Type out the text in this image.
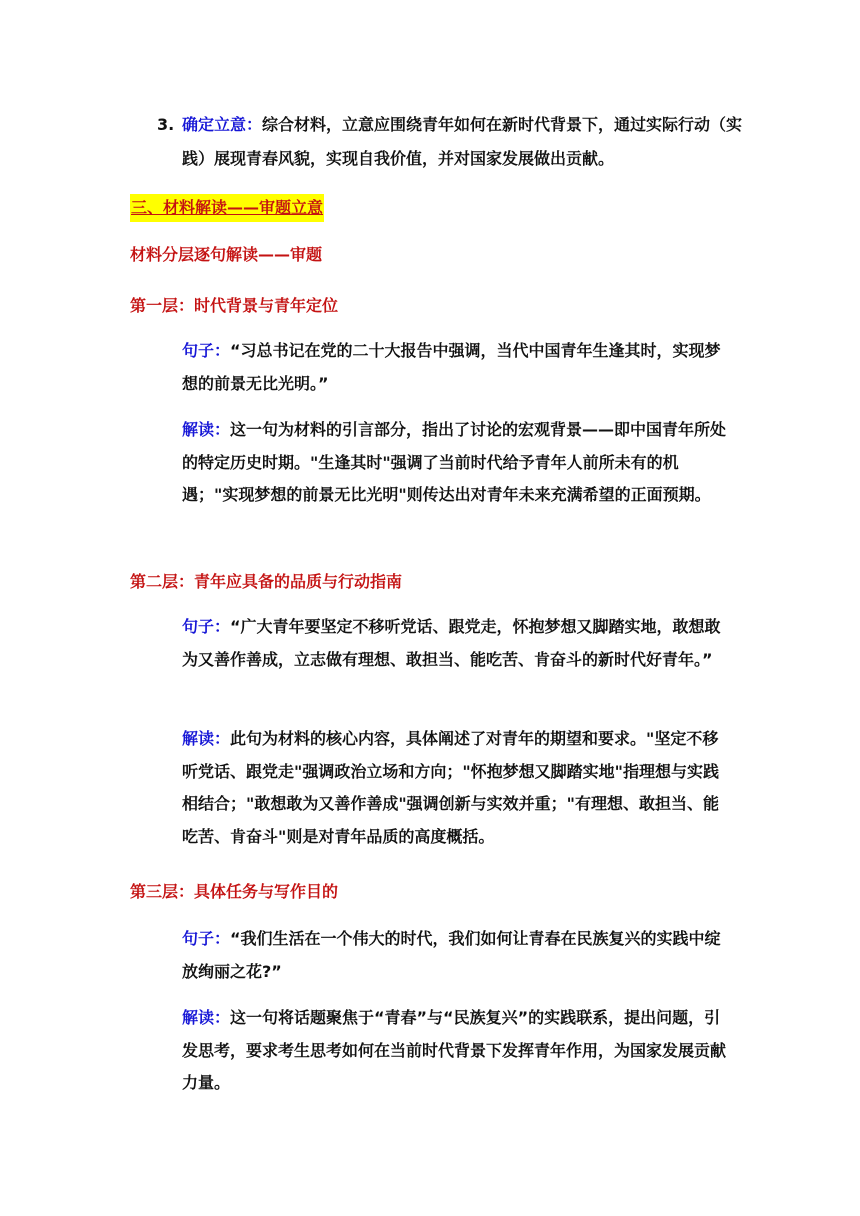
3. 确定立意：综合材料，立意应围绕青年如何在新时代背景下，通过实际行动（实践）展现青春风貌，实现自我价值，并对国家发展做出贡献。
三、材料解读——审题立意
材料分层逐句解读——审题
第一层：时代背景与青年定位
句子：“习总书记在党的二十大报告中强调，当代中国青年生逢其时，实现梦想的前景无比光明。”
解读：这一句为材料的引言部分，指出了讨论的宏观背景——即中国青年所处的特定历史时期。"生逢其时"强调了当前时代给予青年人前所未有的机遇；"实现梦想的前景无比光明"则传达出对青年未来充满希望的正面预期。
第二层：青年应具备的品质与行动指南
句子：“广大青年要坚定不移听党话、跟党走，怀抱梦想又脚踏实地，敢想敢为又善作善成，立志做有理想、敢担当、能吃苦、肯奋斗的新时代好青年。”
解读：此句为材料的核心内容，具体阐述了对青年的期望和要求。"坚定不移听党话、跟党走"强调政治立场和方向；"怀抱梦想又脚踏实地"指理想与实践相结合；"敢想敢为又善作善成"强调创新与实效并重；"有理想、敢担当、能吃苦、肯奋斗"则是对青年品质的高度概括。
第三层：具体任务与写作目的
句子：“我们生活在一个伟大的时代，我们如何让青春在民族复兴的实践中绽放绚丽之花?”
解读：这一句将话题聚焦于“青春”与“民族复兴”的实践联系，提出问题，引发思考，要求考生思考如何在当前时代背景下发挥青年作用，为国家发展贡献力量。
